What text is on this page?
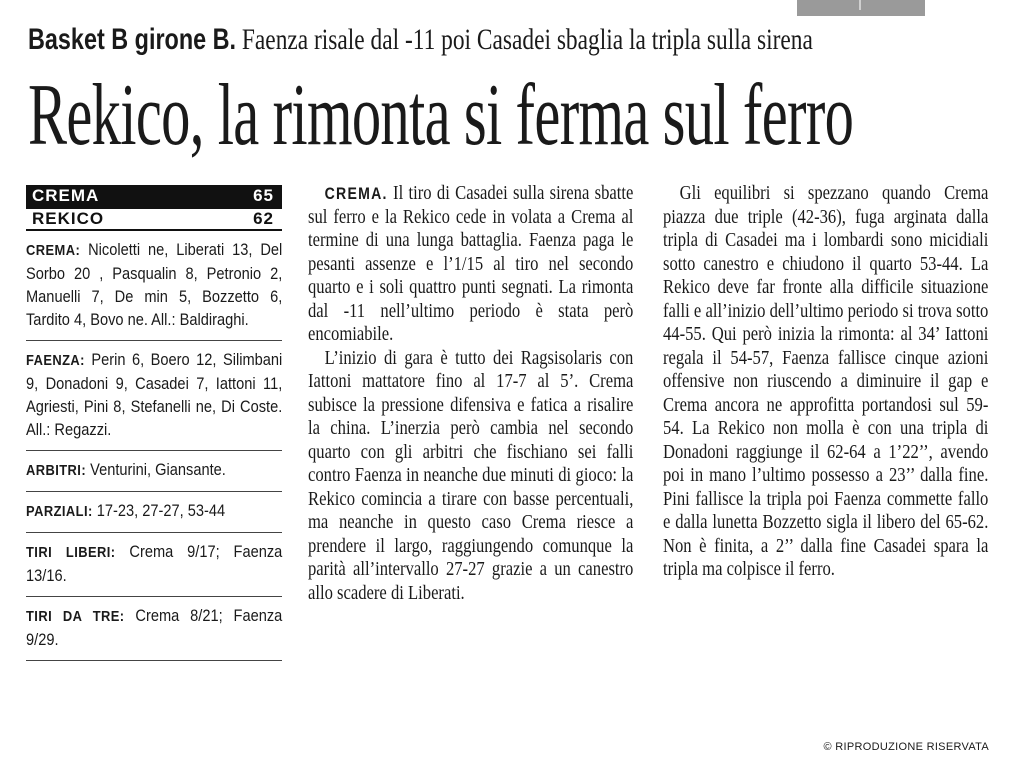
Basket B girone B. Faenza risale dal -11 poi Casadei sbaglia la tripla sulla sirena
Rekico, la rimonta si ferma sul ferro
CREMA	65
REKICO	62

CREMA: Nicoletti ne, Liberati 13, Del Sorbo 20 , Pasqualin 8, Petronio 2, Manuelli 7, De min 5, Bozzetto 6, Tardito 4, Bovo ne. All.: Baldiraghi.

FAENZA: Perin 6, Boero 12, Silimbani 9, Donadoni 9, Casadei 7, Iattoni 11, Agriesti, Pini 8, Stefanelli ne, Di Coste. All.: Regazzi.

ARBITRI: Venturini, Giansante.

PARZIALI: 17-23, 27-27, 53-44

TIRI LIBERI: Crema 9/17; Faenza 13/16.

TIRI DA TRE: Crema 8/21; Faenza 9/29.

CREMA. Il tiro di Casadei sulla sirena sbatte sul ferro e la Rekico cede in volata a Crema al termine di una lunga battaglia. Faenza paga le pesanti assenze e l’1/15 al tiro nel secondo quarto e i soli quattro punti segnati. La rimonta dal -11 nell’ultimo periodo è stata però encomiabile.

L’inizio di gara è tutto dei Ragsisolaris con Iattoni mattatore fino al 17-7 al 5’. Crema subisce la pressione difensiva e fatica a risalire la china. L’inerzia però cambia nel secondo quarto con gli arbitri che fischiano sei falli contro Faenza in neanche due minuti di gioco: la Rekico comincia a tirare con basse percentuali, ma neanche in questo caso Crema riesce a prendere il largo, raggiungendo comunque la parità all’intervallo 27-27 grazie a un canestro allo scadere di Liberati.

Gli equilibri si spezzano quando Crema piazza due triple (42-36), fuga arginata dalla tripla di Casadei ma i lombardi sono micidiali sotto canestro e chiudono il quarto 53-44. La Rekico deve far fronte alla difficile situazione falli e all’inizio dell’ultimo periodo si trova sotto 44-55. Qui però inizia la rimonta: al 34’ Iattoni regala il 54-57, Faenza fallisce cinque azioni offensive non riuscendo a diminuire il gap e Crema ancora ne approfitta portandosi sul 59-54. La Rekico non molla è con una tripla di Donadoni raggiunge il 62-64 a 1’22’’, avendo poi in mano l’ultimo possesso a 23’’ dalla fine. Pini fallisce la tripla poi Faenza commette fallo e dalla lunetta Bozzetto sigla il libero del 65-62. Non è finita, a 2’’ dalla fine Casadei spara la tripla ma colpisce il ferro.

© RIPRODUZIONE RISERVATA
